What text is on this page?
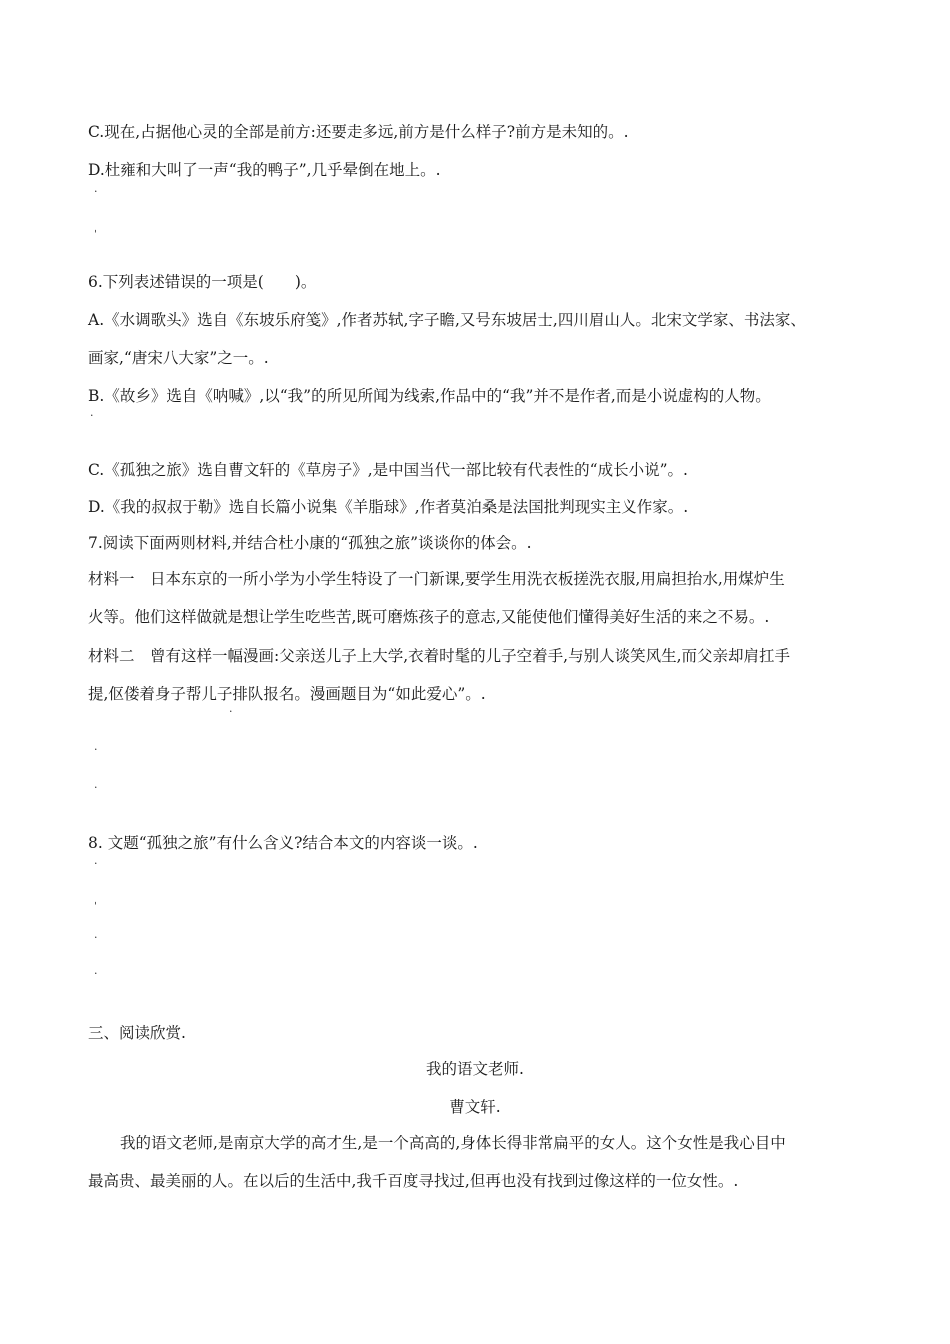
C.现在,占据他心灵的全部是前方:还要走多远,前方是什么样子?前方是未知的。.
D.杜雍和大叫了一声“我的鸭子”,几乎晕倒在地上。.
·
ˌ
6.下列表述错误的一项是(　　)。
A.《水调歌头》选自《东坡乐府笺》,作者苏轼,字子瞻,又号东坡居士,四川眉山人。北宋文学家、书法家、
画家,“唐宋八大家”之一。.
B.《故乡》选自《呐喊》,以“我”的所见所闻为线索,作品中的“我”并不是作者,而是小说虚构的人物。
·
C.《孤独之旅》选自曹文轩的《草房子》,是中国当代一部比较有代表性的“成长小说”。.
D.《我的叔叔于勒》选自长篇小说集《羊脂球》,作者莫泊桑是法国批判现实主义作家。.
7.阅读下面两则材料,并结合杜小康的“孤独之旅”谈谈你的体会。.
材料一　日本东京的一所小学为小学生特设了一门新课,要学生用洗衣板搓洗衣服,用扁担抬水,用煤炉生
火等。他们这样做就是想让学生吃些苦,既可磨炼孩子的意志,又能使他们懂得美好生活的来之不易。.
材料二　曾有这样一幅漫画:父亲送儿子上大学,衣着时髦的儿子空着手,与别人谈笑风生,而父亲却肩扛手
提,伛偻着身子帮儿子排队报名。漫画题目为“如此爱心”。.
·
·
·
8. 文题“孤独之旅”有什么含义?结合本文的内容谈一谈。.
·
ˌ
·
·
三、阅读欣赏.
我的语文老师.
曹文轩.
我的语文老师,是南京大学的高才生,是一个高高的,身体长得非常扁平的女人。这个女性是我心目中
最高贵、最美丽的人。在以后的生活中,我千百度寻找过,但再也没有找到过像这样的一位女性。.
